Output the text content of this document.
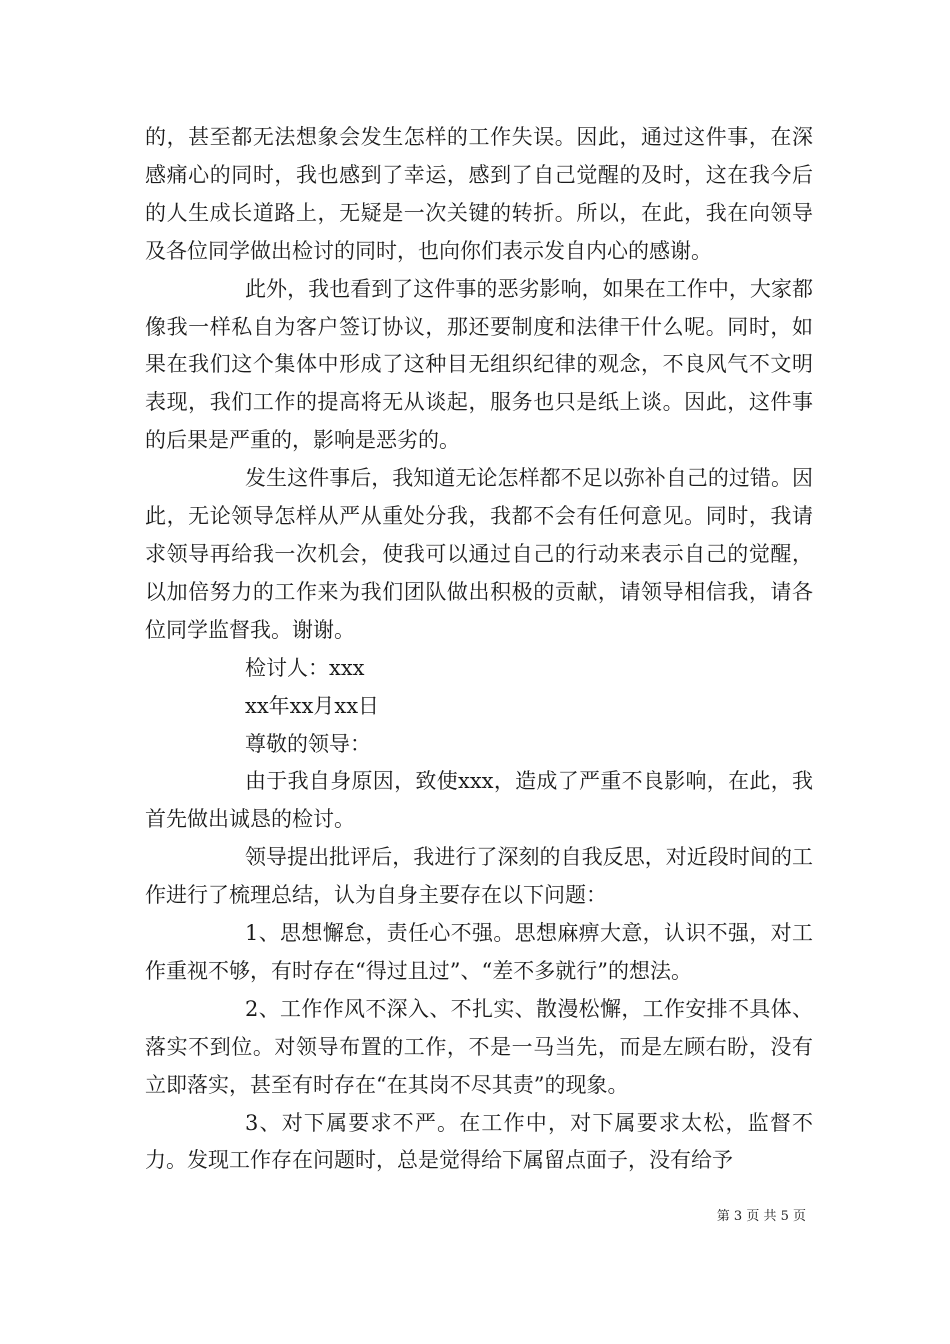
的，甚至都无法想象会发生怎样的工作失误。因此，通过这件事，在深感痛心的同时，我也感到了幸运，感到了自己觉醒的及时，这在我今后的人生成长道路上，无疑是一次关键的转折。所以，在此，我在向领导及各位同学做出检讨的同时，也向你们表示发自内心的感谢。

此外，我也看到了这件事的恶劣影响，如果在工作中，大家都像我一样私自为客户签订协议，那还要制度和法律干什么呢。同时，如果在我们这个集体中形成了这种目无组织纪律的观念，不良风气不文明表现，我们工作的提高将无从谈起，服务也只是纸上谈。因此，这件事的后果是严重的，影响是恶劣的。

发生这件事后，我知道无论怎样都不足以弥补自己的过错。因此，无论领导怎样从严从重处分我，我都不会有任何意见。同时，我请求领导再给我一次机会，使我可以通过自己的行动来表示自己的觉醒，以加倍努力的工作来为我们团队做出积极的贡献，请领导相信我，请各位同学监督我。谢谢。

检讨人：xxx

xx年xx月xx日

尊敬的领导：

由于我自身原因，致使xxx，造成了严重不良影响，在此，我首先做出诚恳的检讨。

领导提出批评后，我进行了深刻的自我反思，对近段时间的工作进行了梳理总结，认为自身主要存在以下问题：

1、思想懈怠，责任心不强。思想麻痹大意，认识不强，对工作重视不够，有时存在“得过且过”、“差不多就行”的想法。

2、工作作风不深入、不扎实、散漫松懈，工作安排不具体、落实不到位。对领导布置的工作，不是一马当先，而是左顾右盼，没有立即落实，甚至有时存在“在其岗不尽其责”的现象。

3、对下属要求不严。在工作中，对下属要求太松，监督不力。发现工作存在问题时，总是觉得给下属留点面子，没有给予

第 3 页 共 5 页
